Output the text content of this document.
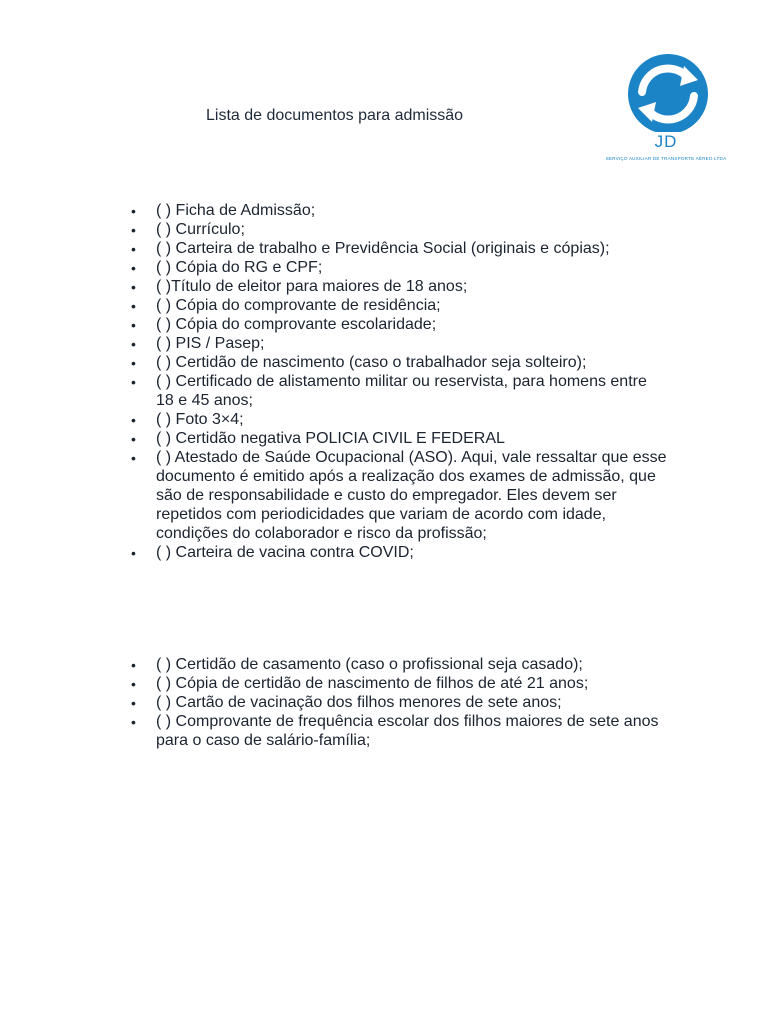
Lista de documentos para admissão
JD
SERVIÇO AUXILIAR DE TRANSPORTE AÉREO LTDA
• ( ) Ficha de Admissão;
• ( ) Currículo;
• ( ) Carteira de trabalho e Previdência Social (originais e cópias);
• ( ) Cópia do RG e CPF;
• ( )Título de eleitor para maiores de 18 anos;
• ( ) Cópia do comprovante de residência;
• ( ) Cópia do comprovante escolaridade;
• ( ) PIS / Pasep;
• ( ) Certidão de nascimento (caso o trabalhador seja solteiro);
• ( ) Certificado de alistamento militar ou reservista, para homens entre 18 e 45 anos;
• ( ) Foto 3×4;
• ( ) Certidão negativa POLICIA CIVIL E FEDERAL
• ( ) Atestado de Saúde Ocupacional (ASO). Aqui, vale ressaltar que esse documento é emitido após a realização dos exames de admissão, que são de responsabilidade e custo do empregador. Eles devem ser repetidos com periodicidades que variam de acordo com idade, condições do colaborador e risco da profissão;
• ( ) Carteira de vacina contra COVID;
• ( ) Certidão de casamento (caso o profissional seja casado);
• ( ) Cópia de certidão de nascimento de filhos de até 21 anos;
• ( ) Cartão de vacinação dos filhos menores de sete anos;
• ( ) Comprovante de frequência escolar dos filhos maiores de sete anos para o caso de salário-família;
